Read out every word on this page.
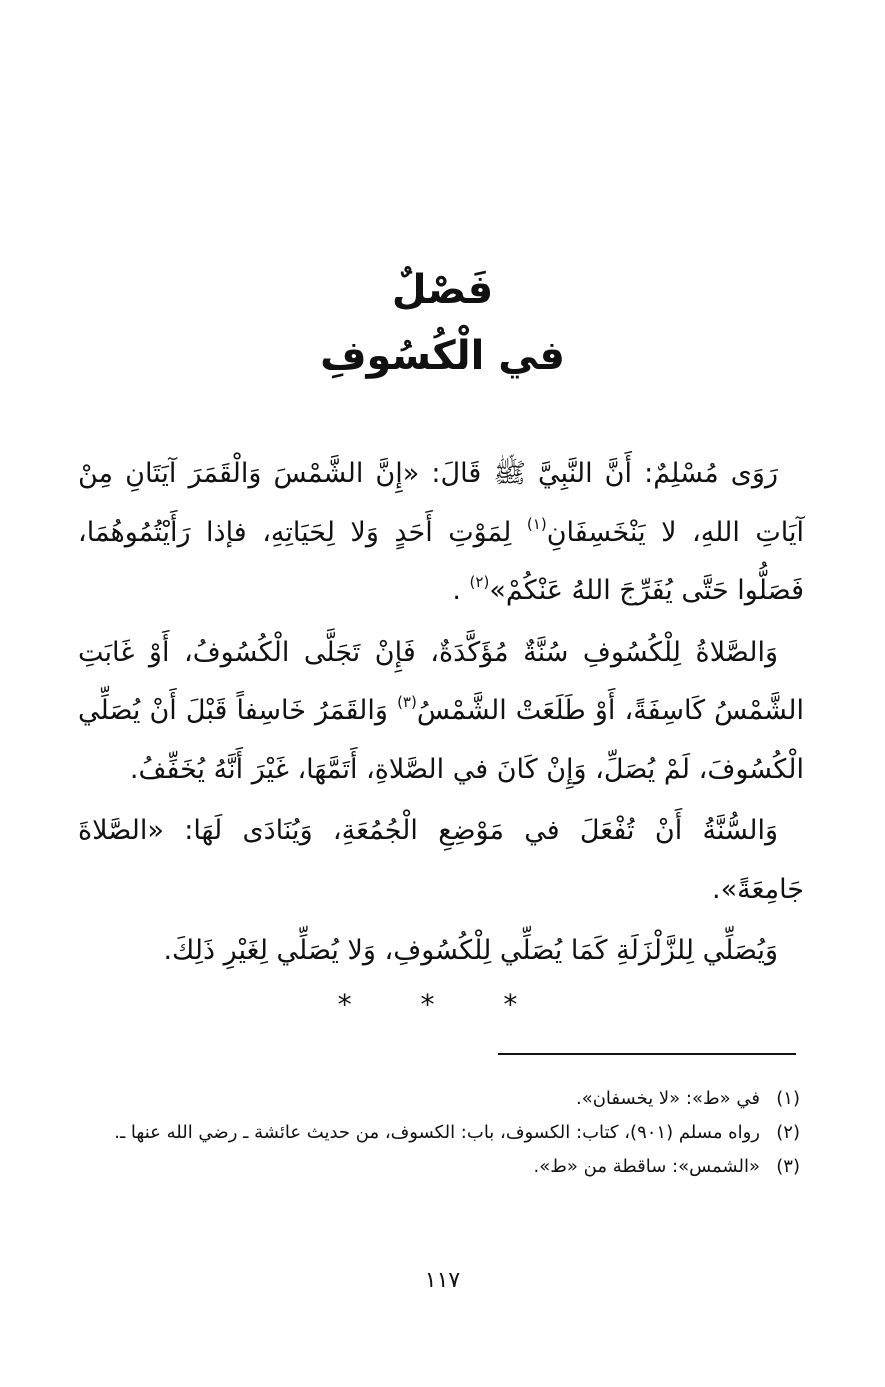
فَصْلٌ
في الْكُسُوفِ

رَوَى مُسْلِمٌ: أَنَّ النَّبِيَّ ﷺ قَالَ: «إِنَّ الشَّمْسَ وَالْقَمَرَ آيَتَانِ مِنْ آيَاتِ اللهِ، لا يَنْخَسِفَانِ$^{(١)}$ لِمَوْتِ أَحَدٍ وَلا لِحَيَاتِهِ، فإذا رَأَيْتُمُوهُمَا، فَصَلُّوا حَتَّى يُفَرِّجَ اللهُ عَنْكُمْ»$^{(٢)}$ .

وَالصَّلاةُ لِلْكُسُوفِ سُنَّةٌ مُؤَكَّدَةٌ، فَإِنْ تَجَلَّى الْكُسُوفُ، أَوْ غَابَتِ الشَّمْسُ كَاسِفَةً، أَوْ طَلَعَتْ الشَّمْسُ$^{(٣)}$ وَالقَمَرُ خَاسِفاً قَبْلَ أَنْ يُصَلِّي الْكُسُوفَ، لَمْ يُصَلِّ، وَإِنْ كَانَ في الصَّلاةِ، أَتَمَّهَا، غَيْرَ أَنَّهُ يُخَفِّفُ.

وَالسُّنَّةُ أَنْ تُفْعَلَ في مَوْضِعِ الْجُمُعَةِ، وَيُنَادَى لَهَا: «الصَّلاةَ جَامِعَةً».

وَيُصَلِّي لِلزَّلْزَلَةِ كَمَا يُصَلِّي لِلْكُسُوفِ، وَلا يُصَلِّي لِغَيْرِ ذَلِكَ.

* * *
(١)
في «ط»: «لا يخسفان».
(٢)
رواه مسلم (٩٠١)، كتاب: الكسوف، باب: الكسوف، من حديث عائشة ـ رضي الله عنها ـ.
(٣)
«الشمس»: ساقطة من «ط».
١١٧
